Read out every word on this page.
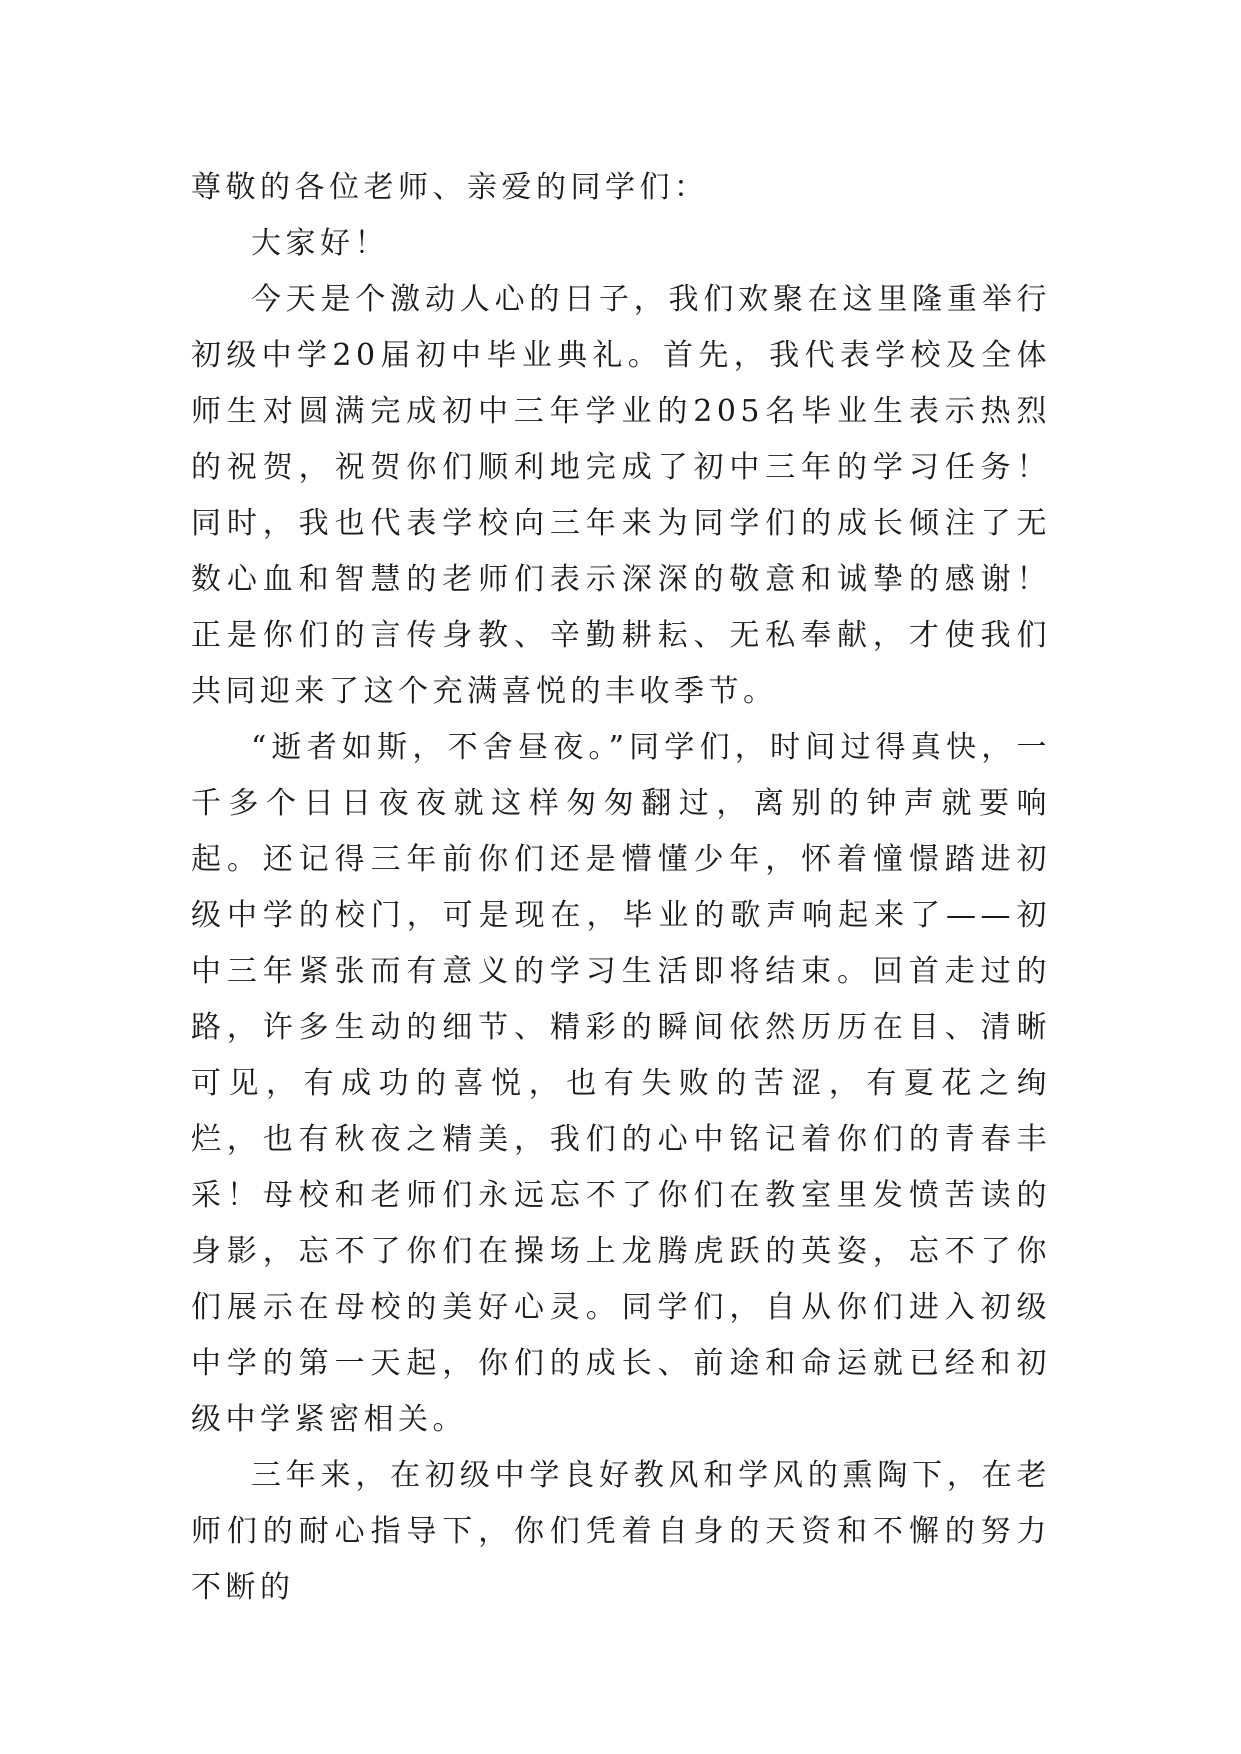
尊敬的各位老师、亲爱的同学们：

大家好！

今天是个激动人心的日子，我们欢聚在这里隆重举行初级中学20届初中毕业典礼。首先，我代表学校及全体师生对圆满完成初中三年学业的205名毕业生表示热烈的祝贺，祝贺你们顺利地完成了初中三年的学习任务！同时，我也代表学校向三年来为同学们的成长倾注了无数心血和智慧的老师们表示深深的敬意和诚挚的感谢！正是你们的言传身教、辛勤耕耘、无私奉献，才使我们共同迎来了这个充满喜悦的丰收季节。

“逝者如斯，不舍昼夜。”同学们，时间过得真快，一千多个日日夜夜就这样匆匆翻过，离别的钟声就要响起。还记得三年前你们还是懵懂少年，怀着憧憬踏进初级中学的校门，可是现在，毕业的歌声响起来了——初中三年紧张而有意义的学习生活即将结束。回首走过的路，许多生动的细节、精彩的瞬间依然历历在目、清晰可见，有成功的喜悦，也有失败的苦涩，有夏花之绚烂，也有秋夜之精美，我们的心中铭记着你们的青春丰采！母校和老师们永远忘不了你们在教室里发愤苦读的身影，忘不了你们在操场上龙腾虎跃的英姿，忘不了你们展示在母校的美好心灵。同学们，自从你们进入初级中学的第一天起，你们的成长、前途和命运就已经和初级中学紧密相关。

三年来，在初级中学良好教风和学风的熏陶下，在老师们的耐心指导下，你们凭着自身的天资和不懈的努力不断的
